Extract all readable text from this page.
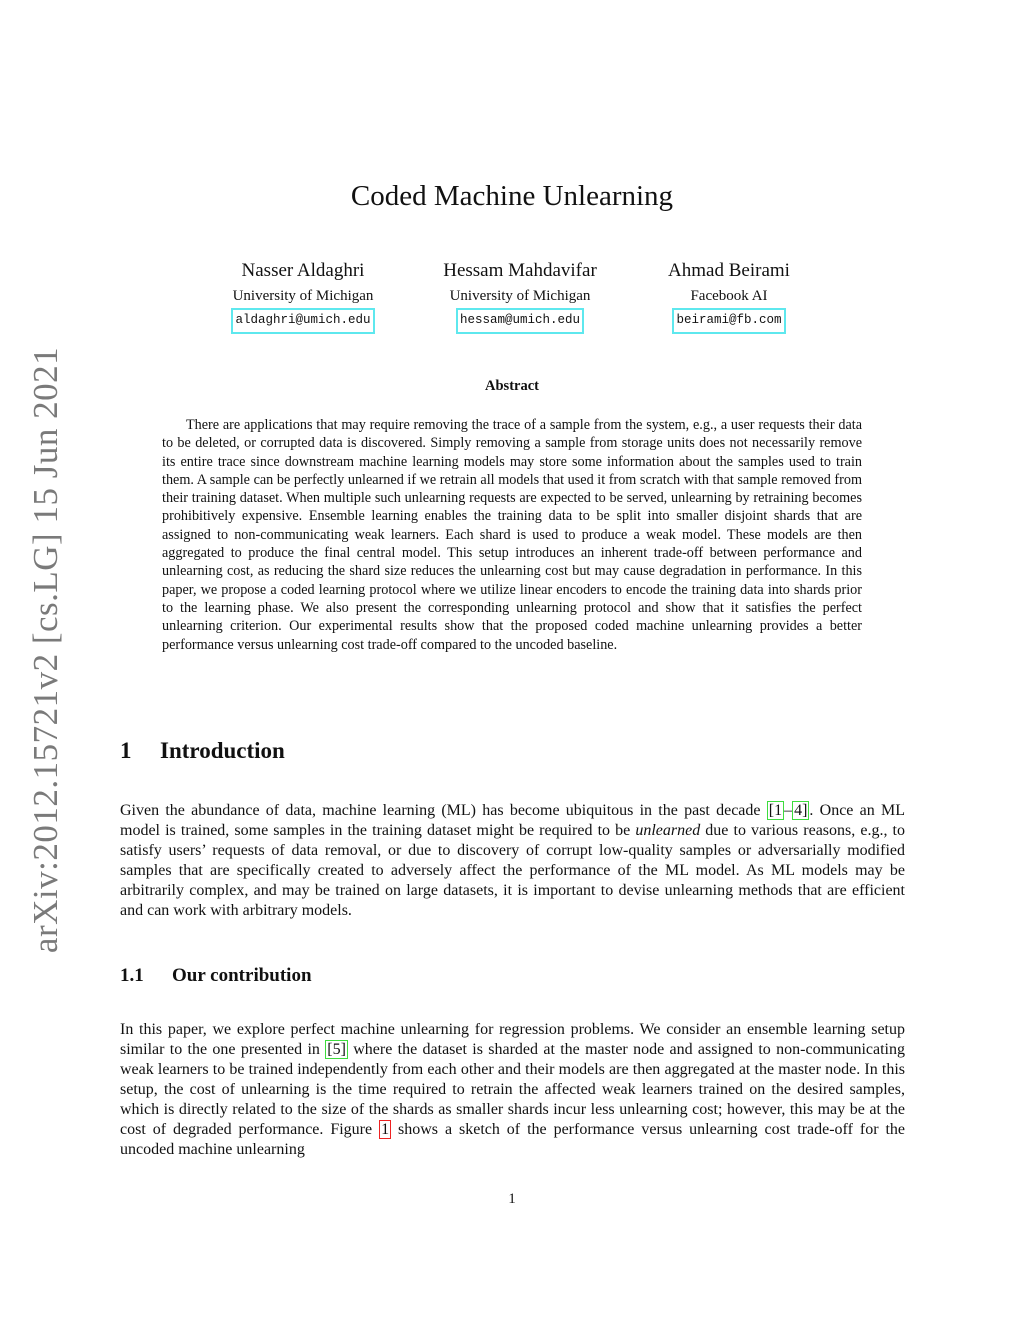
arXiv:2012.15721v2 [cs.LG] 15 Jun 2021
Coded Machine Unlearning
Nasser Aldaghri
University of Michigan
aldaghri@umich.edu
Hessam Mahdavifar
University of Michigan
hessam@umich.edu
Ahmad Beirami
Facebook AI
beirami@fb.com
Abstract

There are applications that may require removing the trace of a sample from the system, e.g., a user requests their data to be deleted, or corrupted data is discovered. Simply removing a sample from storage units does not necessarily remove its entire trace since downstream machine learning models may store some information about the samples used to train them. A sample can be perfectly unlearned if we retrain all models that used it from scratch with that sample removed from their training dataset. When multiple such unlearning requests are expected to be served, unlearning by retraining becomes prohibitively expensive. Ensemble learning enables the training data to be split into smaller disjoint shards that are assigned to non-communicating weak learners. Each shard is used to produce a weak model. These models are then aggregated to produce the final central model. This setup introduces an inherent trade-off between performance and unlearning cost, as reducing the shard size reduces the unlearning cost but may cause degradation in performance. In this paper, we propose a coded learning protocol where we utilize linear encoders to encode the training data into shards prior to the learning phase. We also present the corresponding unlearning protocol and show that it satisfies the perfect unlearning criterion. Our experimental results show that the proposed coded machine unlearning provides a better performance versus unlearning cost trade-off compared to the uncoded baseline.

1 Introduction

Given the abundance of data, machine learning (ML) has become ubiquitous in the past decade [1 – 4] . Once an ML model is trained, some samples in the training dataset might be required to be unlearned due to various reasons, e.g., to satisfy users’ requests of data removal, or due to discovery of corrupt low-quality samples or adversarially modified samples that are specifically created to adversely affect the performance of the ML model. As ML models may be arbitrarily complex, and may be trained on large datasets, it is important to devise unlearning methods that are efficient and can work with arbitrary models.

1.1 Our contribution

In this paper, we explore perfect machine unlearning for regression problems. We consider an ensemble learning setup similar to the one presented in [5] where the dataset is sharded at the master node and assigned to non-communicating weak learners to be trained independently from each other and their models are then aggregated at the master node. In this setup, the cost of unlearning is the time required to retrain the affected weak learners trained on the desired samples, which is directly related to the size of the shards as smaller shards incur less unlearning cost; however, this may be at the cost of degraded performance. Figure 1 shows a sketch of the performance versus unlearning cost trade-off for the uncoded machine unlearning

1
